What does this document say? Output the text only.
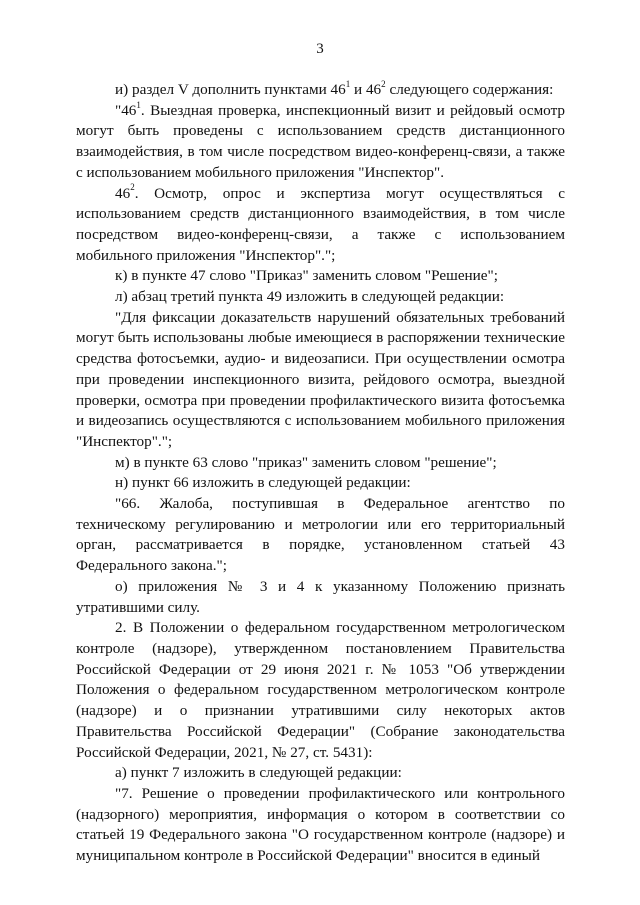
3

и) раздел V дополнить пунктами $46^1$ и $46^2$ следующего содержания:

"$46^1$. Выездная проверка, инспекционный визит и рейдовый осмотр могут быть проведены с использованием средств дистанционного взаимодействия, в том числе посредством видео-конференц-связи, а также с использованием мобильного приложения "Инспектор".

$46^2$. Осмотр, опрос и экспертиза могут осуществляться с использованием средств дистанционного взаимодействия, в том числе посредством видео-конференц-связи, а также с использованием мобильного приложения "Инспектор".";

к) в пункте 47 слово "Приказ" заменить словом "Решение";

л) абзац третий пункта 49 изложить в следующей редакции:

"Для фиксации доказательств нарушений обязательных требований могут быть использованы любые имеющиеся в распоряжении технические средства фотосъемки, аудио- и видеозаписи. При осуществлении осмотра при проведении инспекционного визита, рейдового осмотра, выездной проверки, осмотра при проведении профилактического визита фотосъемка и видеозапись осуществляются с использованием мобильного приложения "Инспектор".";

м) в пункте 63 слово "приказ" заменить словом "решение";

н) пункт 66 изложить в следующей редакции:

"66. Жалоба, поступившая в Федеральное агентство по техническому регулированию и метрологии или его территориальный орган, рассматривается в порядке, установленном статьей 43 Федерального закона.";

о) приложения № 3 и 4 к указанному Положению признать утратившими силу.

2. В Положении о федеральном государственном метрологическом контроле (надзоре), утвержденном постановлением Правительства Российской Федерации от 29 июня 2021 г. № 1053 "Об утверждении Положения о федеральном государственном метрологическом контроле (надзоре) и о признании утратившими силу некоторых актов Правительства Российской Федерации" (Собрание законодательства Российской Федерации, 2021, № 27, ст. 5431):

а) пункт 7 изложить в следующей редакции:

"7. Решение о проведении профилактического или контрольного (надзорного) мероприятия, информация о котором в соответствии со статьей 19 Федерального закона "О государственном контроле (надзоре) и муниципальном контроле в Российской Федерации" вносится в единый
